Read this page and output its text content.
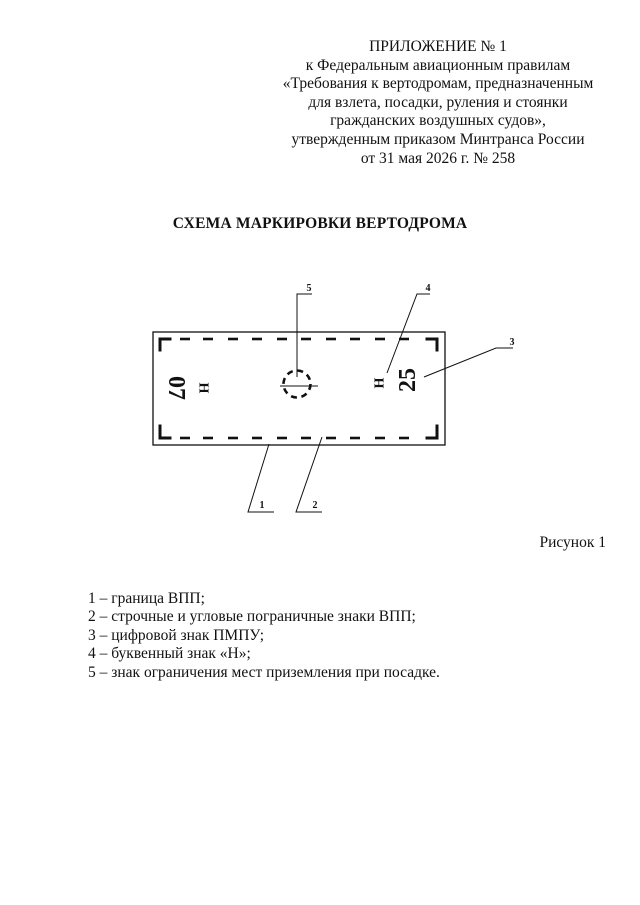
ПРИЛОЖЕНИЕ № 1
к Федеральным авиационным правилам
«Требования к вертодромам, предназначенным
для взлета, посадки, руления и стоянки
гражданских воздушных судов»,
утвержденным приказом Минтранса России
от 31 мая 2026 г. № 258
СХЕМА МАРКИРОВКИ ВЕРТОДРОМА
07 Н	Н 25
1	2
3
4
5
Рисунок 1
1 – граница ВПП;
2 – строчные и угловые пограничные знаки ВПП;
3 – цифровой знак ПМПУ;
4 – буквенный знак «Н»;
5 – знак ограничения мест приземления при посадке.
